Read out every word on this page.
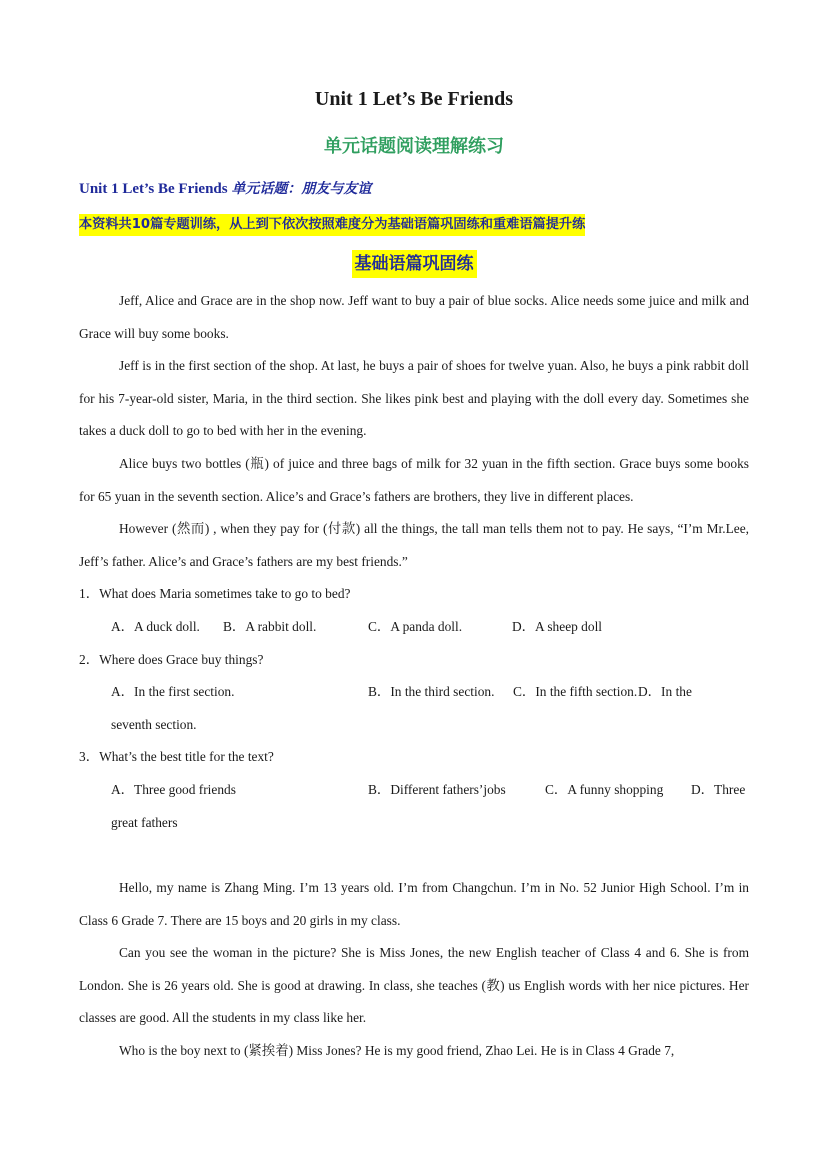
Unit 1 Let’s Be Friends
单元话题阅读理解练习
Unit 1 Let’s Be Friends 单元话题：朋友与友谊
本资料共10篇专题训练，从上到下依次按照难度分为基础语篇巩固练和重难语篇提升练
基础语篇巩固练

Jeff, Alice and Grace are in the shop now. Jeff want to buy a pair of blue socks. Alice needs some juice and milk and Grace will buy some books.

Jeff is in the first section of the shop. At last, he buys a pair of shoes for twelve yuan. Also, he buys a pink rabbit doll for his 7-year-old sister, Maria, in the third section. She likes pink best and playing with the doll every day. Sometimes she takes a duck doll to go to bed with her in the evening.

Alice buys two bottles (瓶) of juice and three bags of milk for 32 yuan in the fifth section. Grace buys some books for 65 yuan in the seventh section. Alice’s and Grace’s fathers are brothers, they live in different places.

However (然而) , when they pay for (付款) all the things, the tall man tells them not to pay. He says, “I’m Mr.Lee, Jeff’s father. Alice’s and Grace’s fathers are my best friends.”

1．What does Maria sometimes take to go to bed?

A．A duck doll. B．A rabbit doll.	C．A panda doll.	D．A sheep doll

2．Where does Grace buy things?

A．In the first section.	B．In the third section. C．In the fifth section.D．In the

seventh section.

3．What’s the best title for the text?

A．Three good friends	B．Different fathers’jobs	C．A funny shopping D．Three

great fathers

Hello, my name is Zhang Ming. I’m 13 years old. I’m from Changchun. I’m in No. 52 Junior High School. I’m in Class 6 Grade 7. There are 15 boys and 20 girls in my class.

Can you see the woman in the picture? She is Miss Jones, the new English teacher of Class 4 and 6. She is from London. She is 26 years old. She is good at drawing. In class, she teaches (教) us English words with her nice pictures. Her classes are good. All the students in my class like her.

Who is the boy next to (紧挨着) Miss Jones? He is my good friend, Zhao Lei. He is in Class 4 Grade 7,
